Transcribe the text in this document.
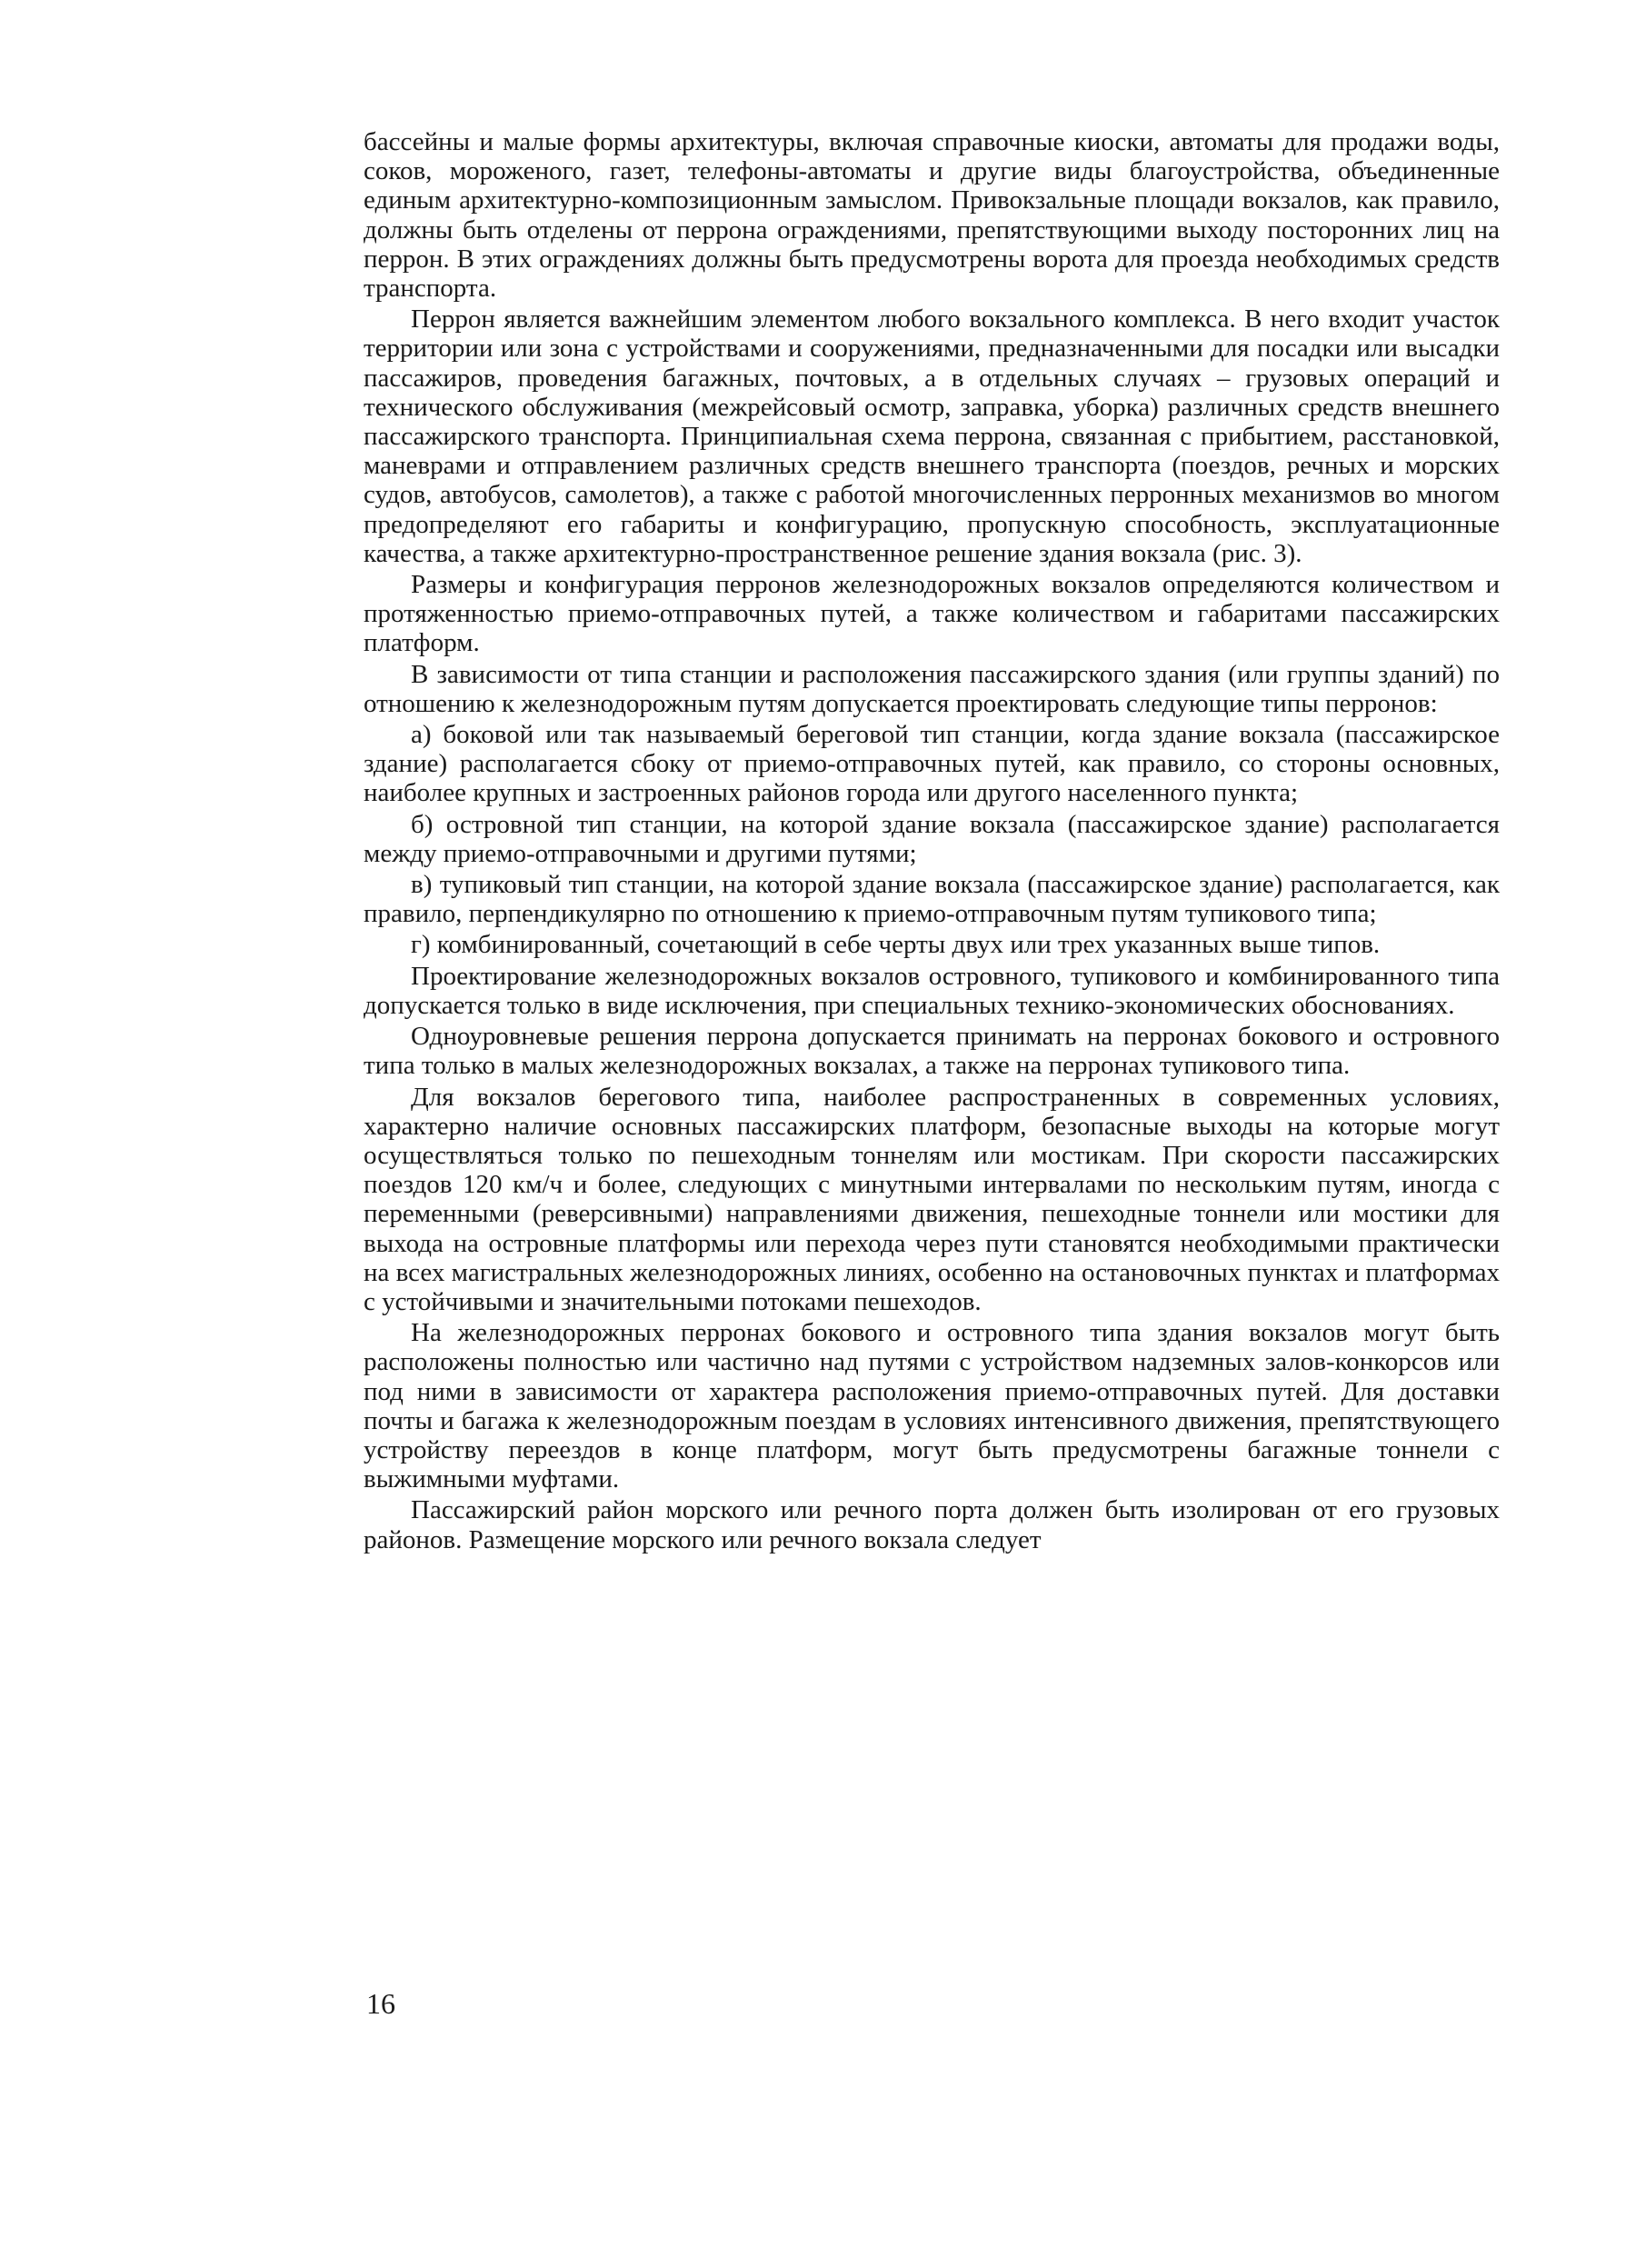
бассейны и малые формы архитектуры, включая справочные киоски, автоматы для продажи воды, соков, мороженого, газет, телефоны-автоматы и другие виды благоустройства, объединенные единым архитектурно-композиционным замыслом. Привокзальные площади вокзалов, как правило, должны быть отделены от перрона ограждениями, препятствующими выходу посторонних лиц на перрон. В этих ограждениях должны быть предусмотрены ворота для проезда необходимых средств транспорта.

Перрон является важнейшим элементом любого вокзального комплекса. В него входит участок территории или зона с устройствами и сооружениями, предназначенными для посадки или высадки пассажиров, проведения багажных, почтовых, а в отдельных случаях – грузовых операций и технического обслуживания (межрейсовый осмотр, заправка, уборка) различных средств внешнего пассажирского транспорта. Принципиальная схема перрона, связанная с прибытием, расстановкой, маневрами и отправлением различных средств внешнего транспорта (поездов, речных и морских судов, автобусов, самолетов), а также с работой многочисленных перронных механизмов во многом предопределяют его габариты и конфигурацию, пропускную способность, эксплуатационные качества, а также архитектурно-пространственное решение здания вокзала (рис. 3).

Размеры и конфигурация перронов железнодорожных вокзалов определяются количеством и протяженностью приемо-отправочных путей, а также количеством и габаритами пассажирских платформ.

В зависимости от типа станции и расположения пассажирского здания (или группы зданий) по отношению к железнодорожным путям допускается проектировать следующие типы перронов:

а) боковой или так называемый береговой тип станции, когда здание вокзала (пассажирское здание) располагается сбоку от приемо-отправочных путей, как правило, со стороны основных, наиболее крупных и застроенных районов города или другого населенного пункта;

б) островной тип станции, на которой здание вокзала (пассажирское здание) располагается между приемо-отправочными и другими путями;

в) тупиковый тип станции, на которой здание вокзала (пассажирское здание) располагается, как правило, перпендикулярно по отношению к приемо-отправочным путям тупикового типа;

г) комбинированный, сочетающий в себе черты двух или трех указанных выше типов.

Проектирование железнодорожных вокзалов островного, тупикового и комбинированного типа допускается только в виде исключения, при специальных технико-экономических обоснованиях.

Одноуровневые решения перрона допускается принимать на перронах бокового и островного типа только в малых железнодорожных вокзалах, а также на перронах тупикового типа.

Для вокзалов берегового типа, наиболее распространенных в современных условиях, характерно наличие основных пассажирских платформ, безопасные выходы на которые могут осуществляться только по пешеходным тоннелям или мостикам. При скорости пассажирских поездов 120 км/ч и более, следующих с минутными интервалами по нескольким путям, иногда с переменными (реверсивными) направлениями движения, пешеходные тоннели или мостики для выхода на островные платформы или перехода через пути становятся необходимыми практически на всех магистральных железнодорожных линиях, особенно на остановочных пунктах и платформах с устойчивыми и значительными потоками пешеходов.

На железнодорожных перронах бокового и островного типа здания вокзалов могут быть расположены полностью или частично над путями с устройством надземных залов-конкорсов или под ними в зависимости от характера расположения приемо-отправочных путей. Для доставки почты и багажа к железнодорожным поездам в условиях интенсивного движения, препятствующего устройству переездов в конце платформ, могут быть предусмотрены багажные тоннели с выжимными муфтами.

Пассажирский район морского или речного порта должен быть изолирован от его грузовых районов. Размещение морского или речного вокзала следует

16
